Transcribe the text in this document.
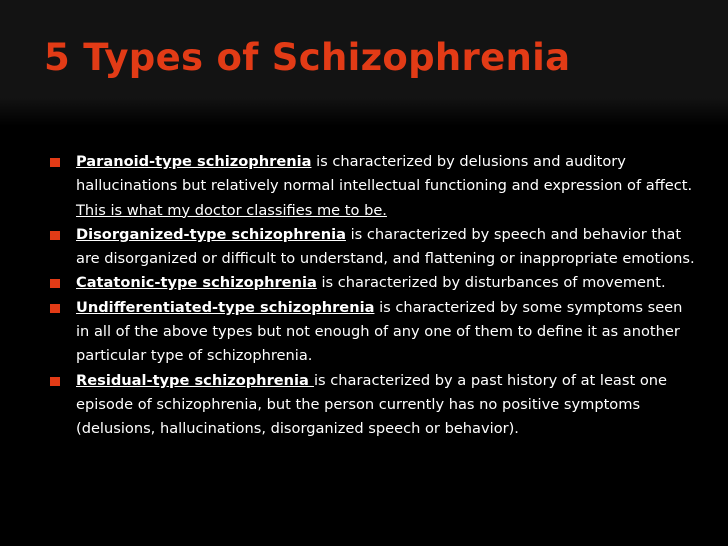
5 Types of Schizophrenia
Paranoid-type schizophrenia is characterized by delusions and auditory hallucinations but relatively normal intellectual functioning and expression of affect. This is what my doctor classifies me to be.
Disorganized-type schizophrenia is characterized by speech and behavior that are disorganized or difficult to understand, and flattening or inappropriate emotions.
Catatonic-type schizophrenia is characterized by disturbances of movement.
Undifferentiated-type schizophrenia is characterized by some symptoms seen in all of the above types but not enough of any one of them to define it as another particular type of schizophrenia.
Residual-type schizophrenia is characterized by a past history of at least one episode of schizophrenia, but the person currently has no positive symptoms (delusions, hallucinations, disorganized speech or behavior).
